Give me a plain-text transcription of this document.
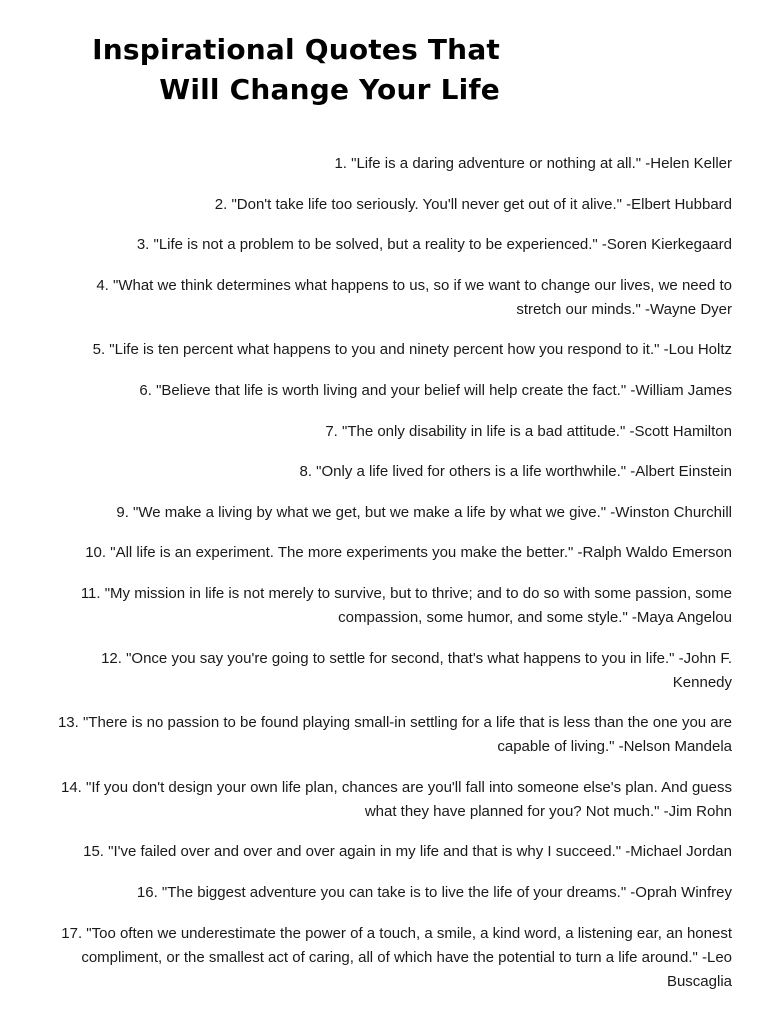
Inspirational Quotes That
Will Change Your Life
1. "Life is a daring adventure or nothing at all." -Helen Keller
2. "Don't take life too seriously. You'll never get out of it alive." -Elbert Hubbard
3. "Life is not a problem to be solved, but a reality to be experienced." -Soren Kierkegaard
4. "What we think determines what happens to us, so if we want to change our lives, we need to stretch our minds." -Wayne Dyer
5. "Life is ten percent what happens to you and ninety percent how you respond to it." -Lou Holtz
6. "Believe that life is worth living and your belief will help create the fact." -William James
7. "The only disability in life is a bad attitude." -Scott Hamilton
8. "Only a life lived for others is a life worthwhile." -Albert Einstein
9. "We make a living by what we get, but we make a life by what we give." -Winston Churchill
10. "All life is an experiment. The more experiments you make the better." -Ralph Waldo Emerson
11. "My mission in life is not merely to survive, but to thrive; and to do so with some passion, some compassion, some humor, and some style." -Maya Angelou
12. "Once you say you're going to settle for second, that's what happens to you in life." -John F. Kennedy
13. "There is no passion to be found playing small-in settling for a life that is less than the one you are capable of living." -Nelson Mandela
14. "If you don't design your own life plan, chances are you'll fall into someone else's plan. And guess what they have planned for you? Not much." -Jim Rohn
15. "I've failed over and over and over again in my life and that is why I succeed." -Michael Jordan
16. "The biggest adventure you can take is to live the life of your dreams." -Oprah Winfrey
17. "Too often we underestimate the power of a touch, a smile, a kind word, a listening ear, an honest compliment, or the smallest act of caring, all of which have the potential to turn a life around." -Leo Buscaglia
